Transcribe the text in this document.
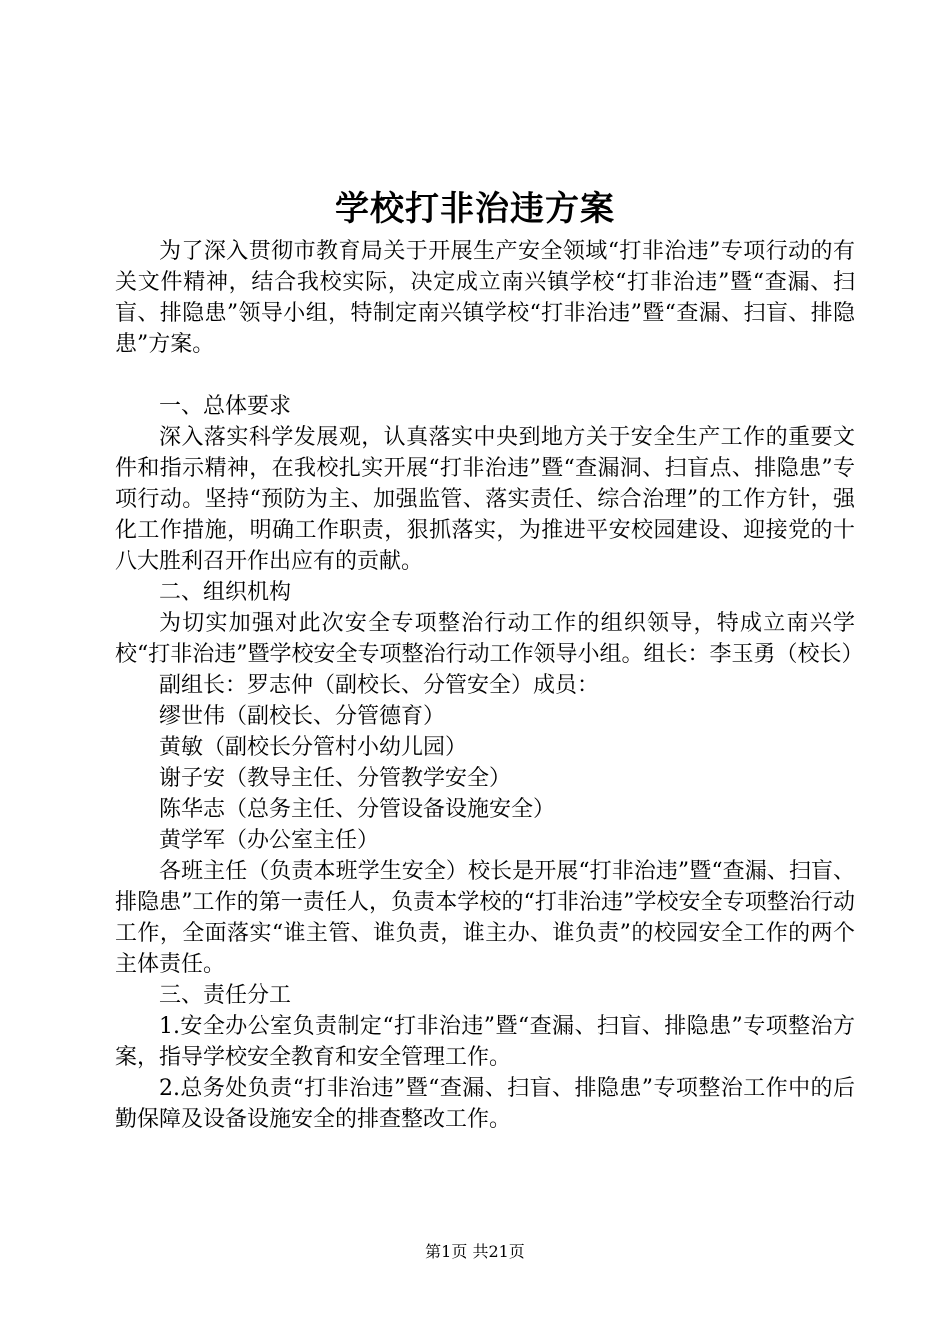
学校打非治违方案

为了深入贯彻市教育局关于开展生产安全领域“打非治违”专项行动的有关文件精神，结合我校实际，决定成立南兴镇学校“打非治违”暨“查漏、扫盲、排隐患”领导小组，特制定南兴镇学校“打非治违”暨“查漏、扫盲、排隐患”方案。

一、总体要求

深入落实科学发展观，认真落实中央到地方关于安全生产工作的重要文件和指示精神，在我校扎实开展“打非治违”暨“查漏洞、扫盲点、排隐患”专项行动。坚持“预防为主、加强监管、落实责任、综合治理”的工作方针，强化工作措施，明确工作职责，狠抓落实，为推进平安校园建设、迎接党的十八大胜利召开作出应有的贡献。

二、组织机构

为切实加强对此次安全专项整治行动工作的组织领导，特成立南兴学校“打非治违”暨学校安全专项整治行动工作领导小组。组长：李玉勇（校长）

副组长：罗志仲（副校长、分管安全）成员：

缪世伟（副校长、分管德育）

黄敏（副校长分管村小幼儿园）

谢子安（教导主任、分管教学安全）

陈华志（总务主任、分管设备设施安全）

黄学军（办公室主任）

各班主任（负责本班学生安全）校长是开展“打非治违”暨“查漏、扫盲、排隐患”工作的第一责任人，负责本学校的“打非治违”学校安全专项整治行动工作，全面落实“谁主管、谁负责，谁主办、谁负责”的校园安全工作的两个主体责任。

三、责任分工

1.安全办公室负责制定“打非治违”暨“查漏、扫盲、排隐患”专项整治方案，指导学校安全教育和安全管理工作。

2.总务处负责“打非治违”暨“查漏、扫盲、排隐患”专项整治工作中的后勤保障及设备设施安全的排查整改工作。

第1页 共21页
